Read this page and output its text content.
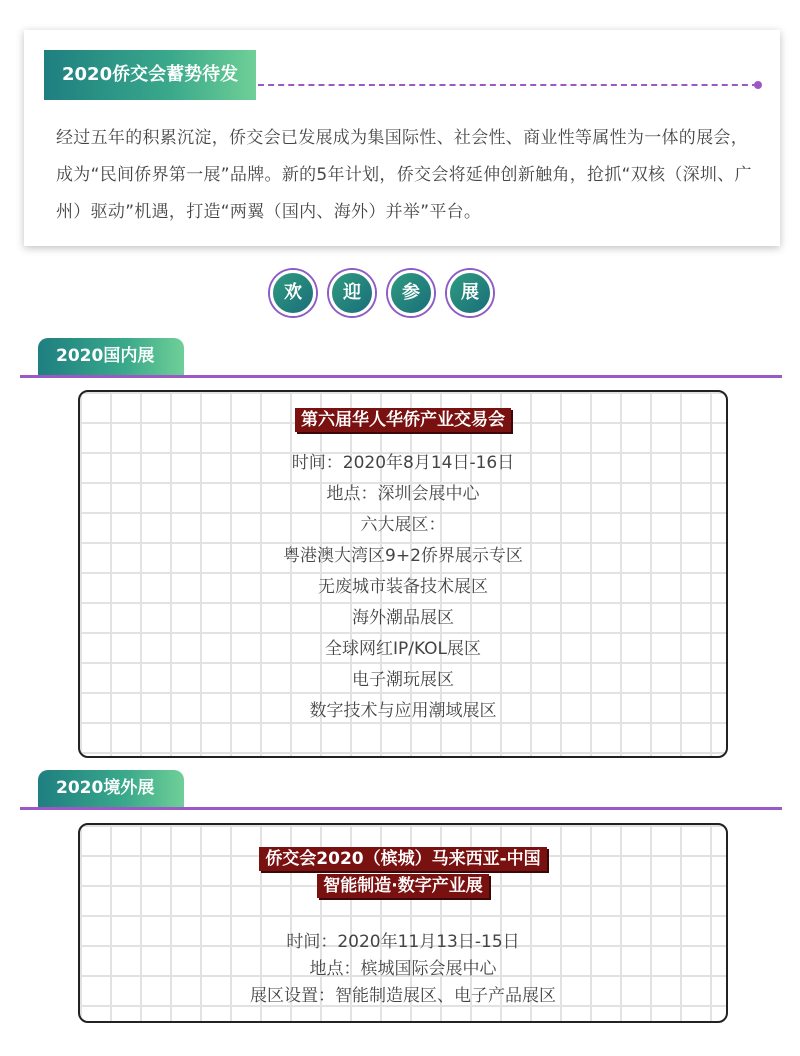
2020侨交会蓄势待发

经过五年的积累沉淀，侨交会已发展成为集国际性、社会性、商业性等属性为一体的展会，成为“民间侨界第一展”品牌。新的5年计划，侨交会将延伸创新触角，抢抓“双核（深圳、广州）驱动”机遇，打造“两翼（国内、海外）并举”平台。

欢	迎	参	展
2020国内展
第六届华人华侨产业交易会
时间：2020年8月14日-16日
地点：深圳会展中心
六大展区：
粤港澳大湾区9+2侨界展示专区
无废城市装备技术展区
海外潮品展区
全球网红IP/KOL展区
电子潮玩展区
数字技术与应用潮域展区
2020境外展
侨交会2020（槟城）马来西亚-中国
智能制造·数字产业展
时间：2020年11月13日-15日
地点：槟城国际会展中心
展区设置：智能制造展区、电子产品展区
